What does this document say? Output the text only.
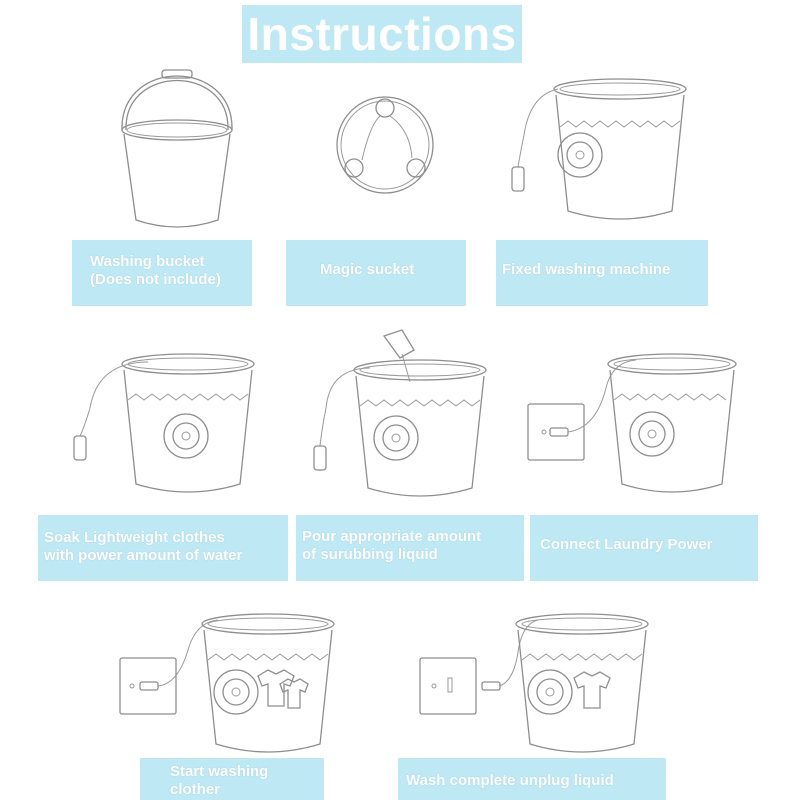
Instructions
Washing bucket
(Does not include)
Magic sucket	Fixed washing machine
Soak Lightweight clothes
with power amount of water
Pour appropriate amount
of surubbing liquid
Connect Laundry Power
Start washing
clother
Wash complete unplug liquid
